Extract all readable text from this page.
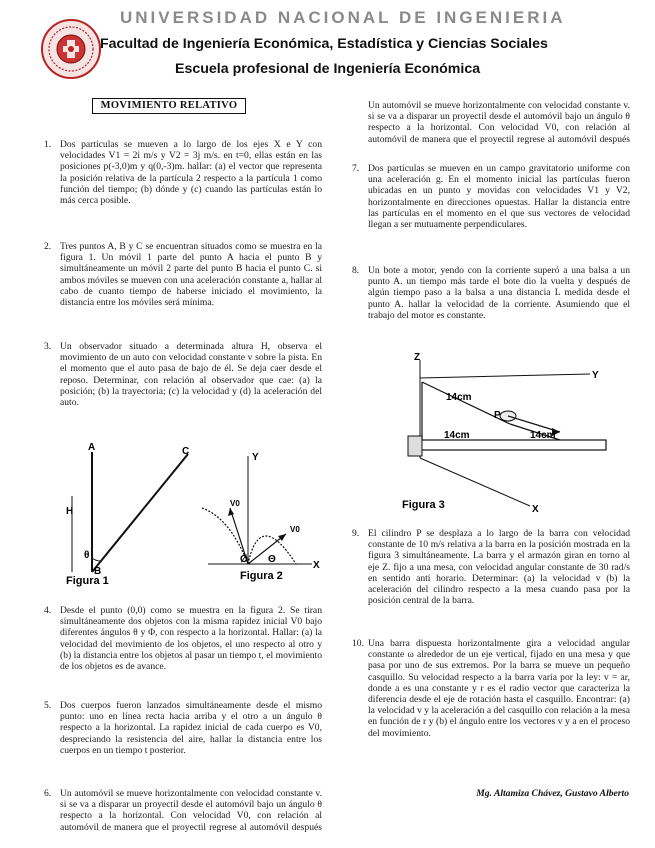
UNIVERSIDAD NACIONAL DE INGENIERIA
Facultad de Ingeniería Económica, Estadística y Ciencias Sociales
Escuela profesional de Ingeniería Económica
MOVIMIENTO RELATIVO
1. Dos partículas se mueven a lo largo de los ejes X e Y con velocidades V1 = 2i m/s y V2 = 3j m/s. en t=0, ellas están en las posiciones p(-3,0)m y q(0,-3)m. hallar: (a) el vector que representa la posición relativa de la partícula 2 respecto a la partícula 1 como función del tiempo; (b) dónde y (c) cuando las partículas están lo más cerca posible.
2. Tres puntos A, B y C se encuentran situados como se muestra en la figura 1. Un móvil 1 parte del punto A hacia el punto B y simultáneamente un móvil 2 parte del punto B hacia el punto C. si ambos móviles se mueven con una aceleración constante a, hallar al cabo de cuanto tiempo de haberse iniciado el movimiento, la distancia entre los móviles será mínima.
3. Un observador situado a determinada altura H, observa el movimiento de un auto con velocidad constante v sobre la pista. En el momento que el auto pasa de bajo de él. Se deja caer desde el reposo. Determinar, con relación al observador que cae: (a) la posición; (b) la trayectoria; (c) la velocidad y (d) la aceleración del auto.
A	C
B
H
θ
Figura 1
Y
X
V0
V0
Ø Θ
Figura 2
4. Desde el punto (0,0) como se muestra en la figura 2. Se tiran simultáneamente dos objetos con la misma rapidez inicial V0 bajo diferentes ángulos θ y Φ, con respecto a la horizontal. Hallar: (a) la velocidad del movimiento de los objetos, el uno respecto al otro y (b) la distancia entre los objetos al pasar un tiempo t, el movimiento de los objetos es de avance.
5. Dos cuerpos fueron lanzados simultáneamente desde el mismo punto: uno en línea recta hacia arriba y el otro a un ángulo θ respecto a la horizontal. La rapidez inicial de cada cuerpo es V0, despreciando la resistencia del aire, hallar la distancia entre los cuerpos en un tiempo t posterior.
6. Un automóvil se mueve horizontalmente con velocidad constante v. si se va a disparar un proyectil desde el automóvil bajo un ángulo θ respecto a la horizontal. Con velocidad V0, con relación al automóvil de manera que el proyectil regrese al automóvil después
Un automóvil se mueve horizontalmente con velocidad constante v. si se va a disparar un proyectil desde el automóvil bajo un ángulo θ respecto a la horizontal. Con velocidad V0, con relación al automóvil de manera que el proyectil regrese al automóvil después
7. Dos partículas se mueven en un campo gravitatorio uniforme con una aceleración g. En el momento inicial las partículas fueron ubicadas en un punto y movidas con velocidades V1 y V2, horizontalmente en direcciones opuestas. Hallar la distancia entre las partículas en el momento en el que sus vectores de velocidad llegan a ser mutuamente perpendiculares.
8. Un bote a motor, yendo con la corriente superó a una balsa a un punto A. un tiempo más tarde el bote dio la vuelta y después de algún tiempo paso a la balsa a una distancia L medida desde el punto A. hallar la velocidad de la corriente. Asumiendo que el trabajo del motor es constante.
Z
Y
X
P
14cm
14cm	14cm
Figura 3
9. El cilindro P se desplaza a lo largo de la barra con velocidad constante de 10 m/s relativa a la barra en la posición mostrada en la figura 3 simultáneamente. La barra y el armazón giran en torno al eje Z. fijo a una mesa, con velocidad angular constante de 30 rad/s en sentido anti horario. Determinar: (a) la velocidad v (b) la aceleración del cilindro respecto a la mesa cuando pasa por la posición central de la barra.
10. Una barra dispuesta horizontalmente gira a velocidad angular constante ω alrededor de un eje vertical, fijado en una mesa y que pasa por uno de sus extremos. Por la barra se mueve un pequeño casquillo. Su velocidad respecto a la barra varía por la ley: v = ar, donde a es una constante y r es el radio vector que caracteriza la diferencia desde el eje de rotación hasta el casquillo. Encontrar: (a) la velocidad v y la aceleración a del casquillo con relación a la mesa en función de r y (b) el ángulo entre los vectores v y a en el proceso del movimiento.
Mg. Altamiza Chávez, Gustavo Alberto
